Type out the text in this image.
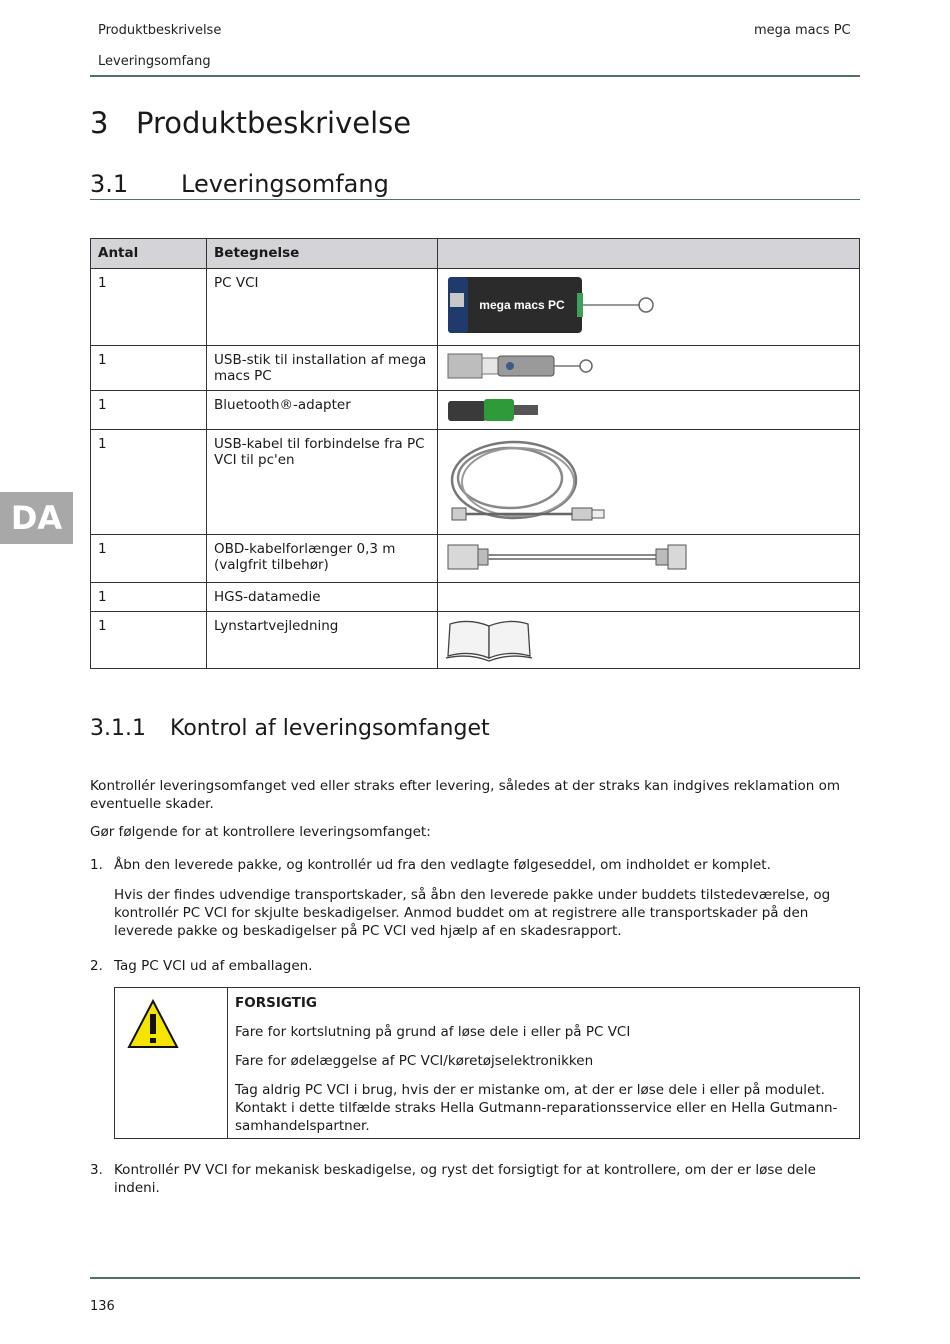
Produktbeskrivelse
Leveringsomfang
mega macs PC
3 Produktbeskrivelse
3.1 Leveringsomfang
DA
Antal	Betegnelse	
1	PC VCI	mega macs PC

1	USB-stik til installation af mega macs PC	

1	Bluetooth®-adapter	

1	USB-kabel til forbindelse fra PC VCI til pc'en	

1	OBD-kabelforlænger 0,3 m (valgfrit tilbehør)	

1	HGS-datamedie	
1	Lynstartvejledning	
3.1.1 Kontrol af leveringsomfanget

Kontrollér leveringsomfanget ved eller straks efter levering, således at der straks kan indgives reklamation om eventuelle skader.

Gør følgende for at kontrollere leveringsomfanget:

1. Åbn den leverede pakke, og kontrollér ud fra den vedlagte følgeseddel, om indholdet er komplet.
Hvis der findes udvendige transportskader, så åbn den leverede pakke under buddets tilstedeværelse, og kontrollér PC VCI for skjulte beskadigelser. Anmod buddet om at registrere alle transportskader på den leverede pakke og beskadigelser på PC VCI ved hjælp af en skadesrapport.
2. Tag PC VCI ud af emballagen.

FORSIGTIG

Fare for kortslutning på grund af løse dele i eller på PC VCI

Fare for ødelæggelse af PC VCI/køretøjselektronikken

Tag aldrig PC VCI i brug, hvis der er mistanke om, at der er løse dele i eller på modulet. Kontakt i dette tilfælde straks Hella Gutmann-reparationsservice eller en Hella Gutmann-samhandelspartner.

3. Kontrollér PV VCI for mekanisk beskadigelse, og ryst det forsigtigt for at kontrollere, om der er løse dele indeni.
136
